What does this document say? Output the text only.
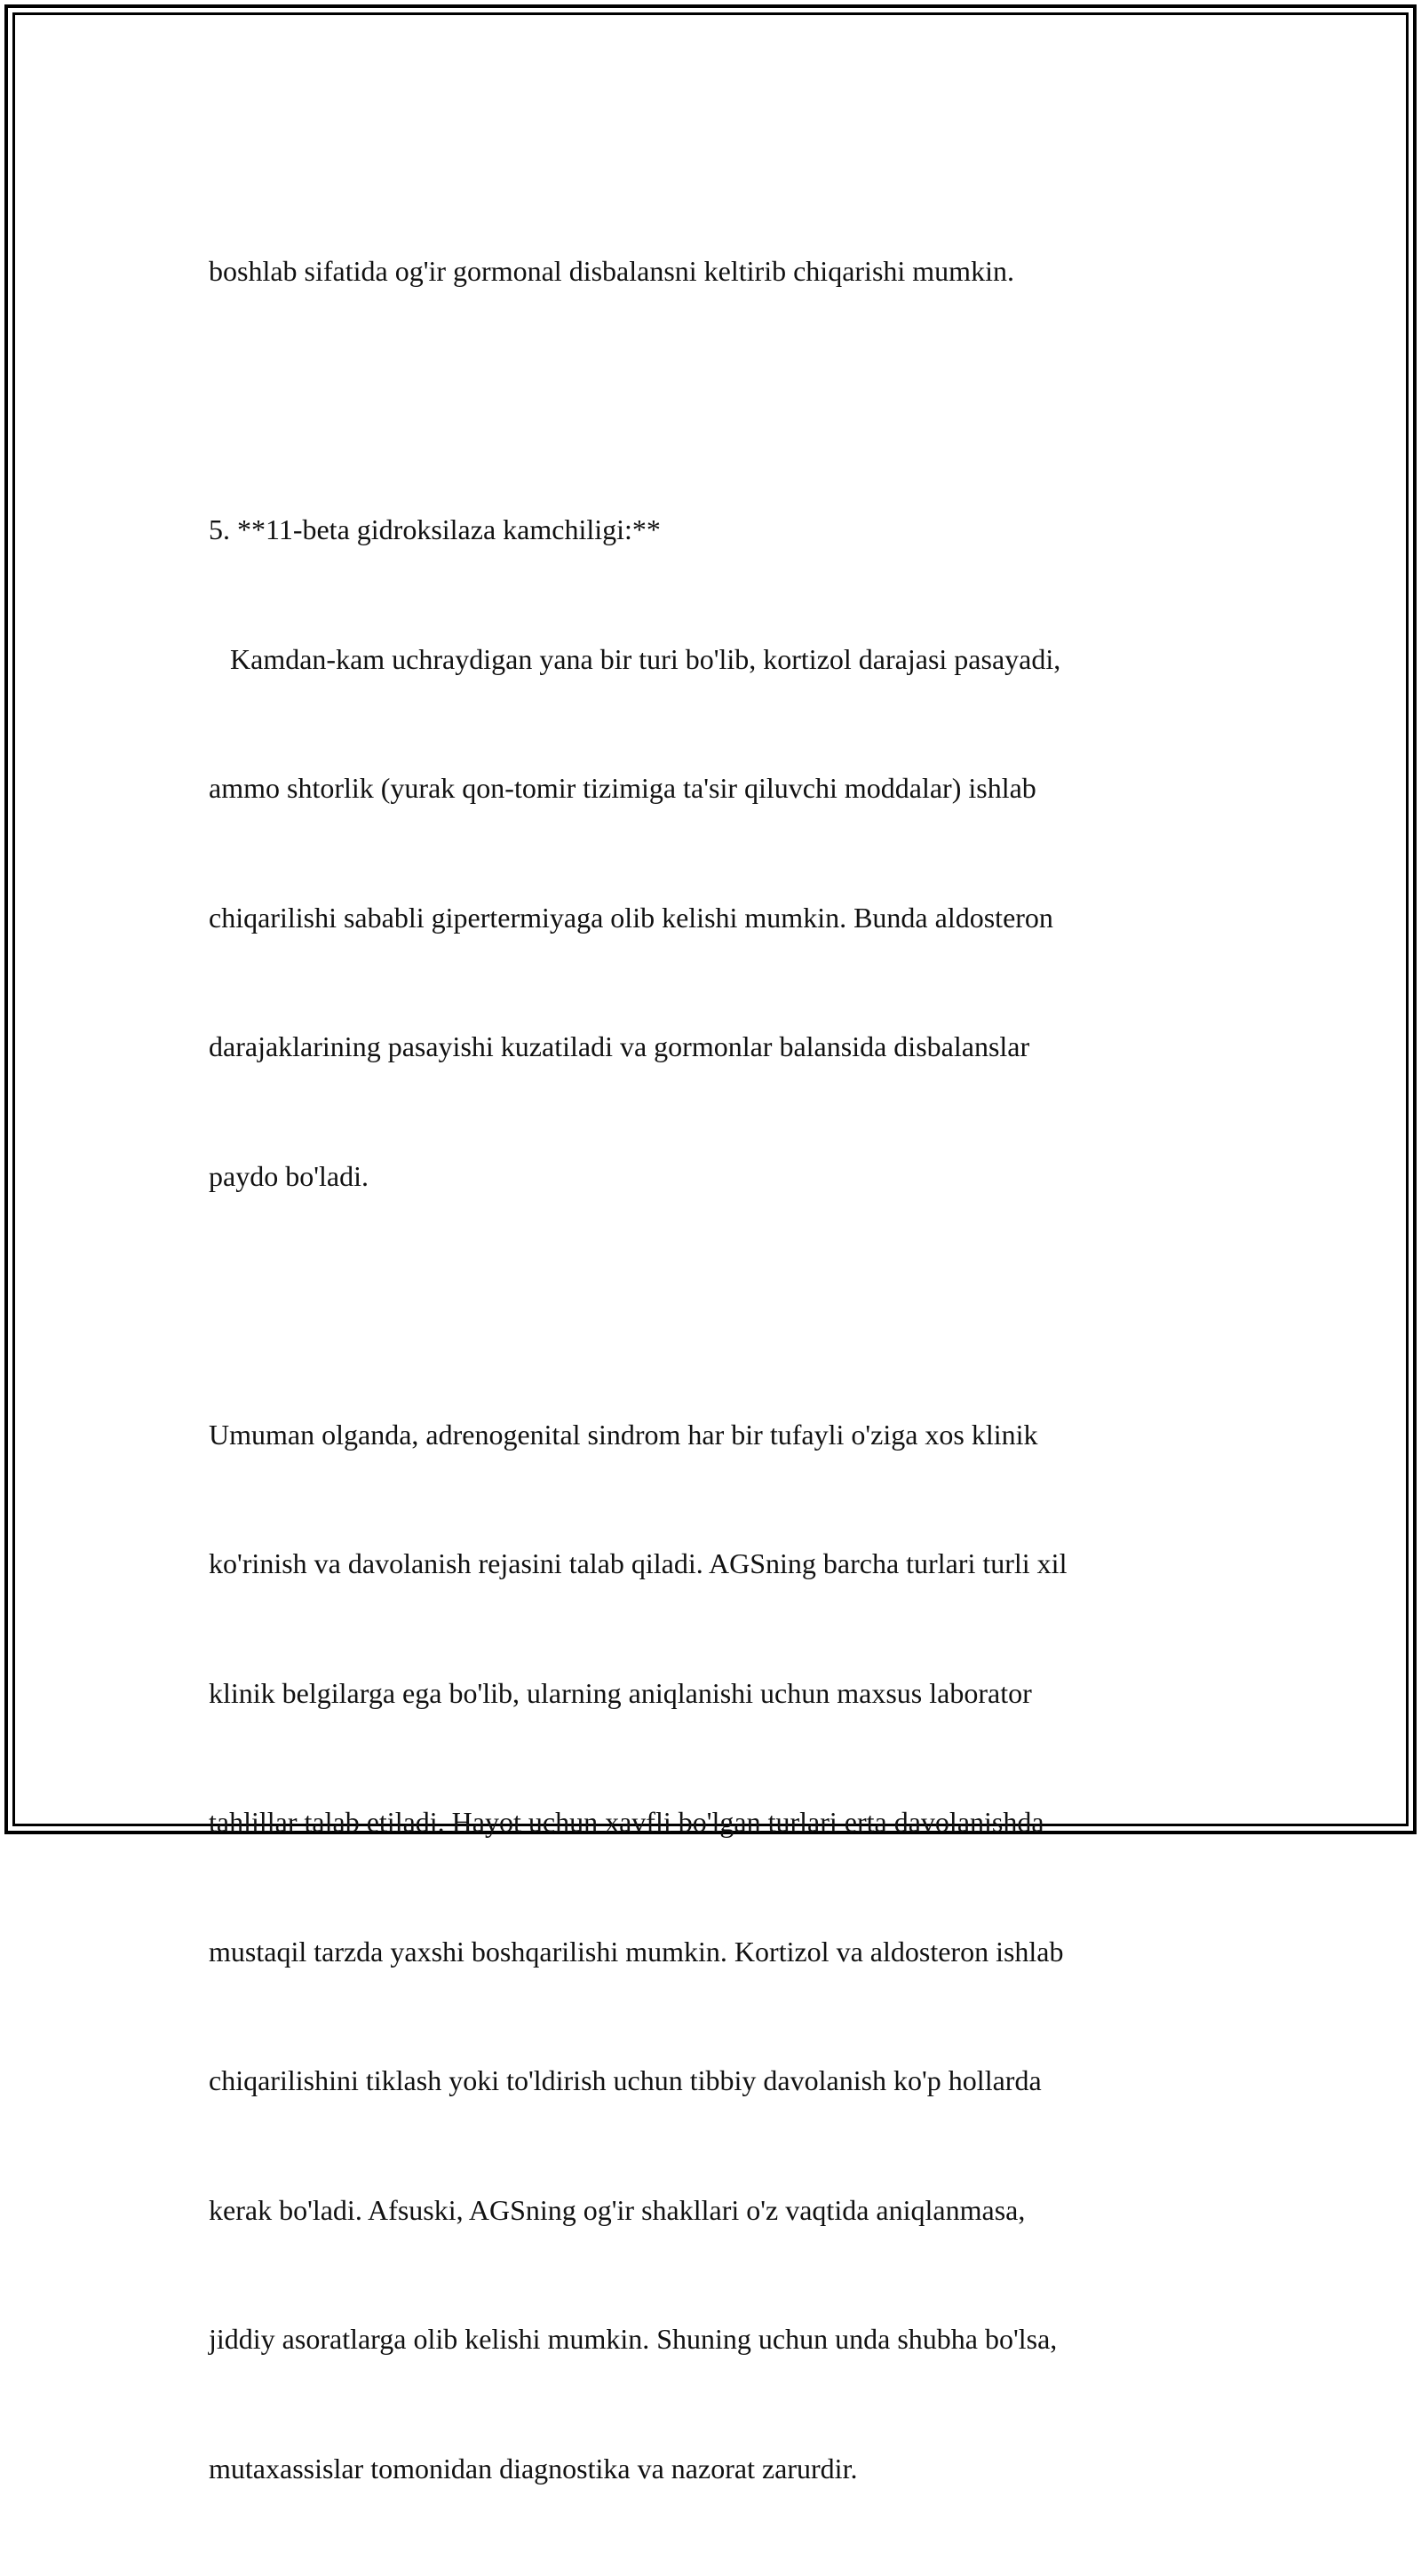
boshlab sifatida og'ir gormonal disbalansni keltirib chiqarishi mumkin.

5. **11-beta gidroksilaza kamchiligi:**

Kamdan-kam uchraydigan yana bir turi bo'lib, kortizol darajasi pasayadi,

ammo shtorlik (yurak qon-tomir tizimiga ta'sir qiluvchi moddalar) ishlab

chiqarilishi sababli gipertermiyaga olib kelishi mumkin. Bunda aldosteron

darajaklarining pasayishi kuzatiladi va gormonlar balansida disbalanslar

paydo bo'ladi.

Umuman olganda, adrenogenital sindrom har bir tufayli o'ziga xos klinik

ko'rinish va davolanish rejasini talab qiladi. AGSning barcha turlari turli xil

klinik belgilarga ega bo'lib, ularning aniqlanishi uchun maxsus laborator

tahlillar talab etiladi. Hayot uchun xavfli bo'lgan turlari erta davolanishda

mustaqil tarzda yaxshi boshqarilishi mumkin. Kortizol va aldosteron ishlab

chiqarilishini tiklash yoki to'ldirish uchun tibbiy davolanish ko'p hollarda

kerak bo'ladi. Afsuski, AGSning og'ir shakllari o'z vaqtida aniqlanmasa,

jiddiy asoratlarga olib kelishi mumkin. Shuning uchun unda shubha bo'lsa,

mutaxassislar tomonidan diagnostika va nazorat zarurdir.
